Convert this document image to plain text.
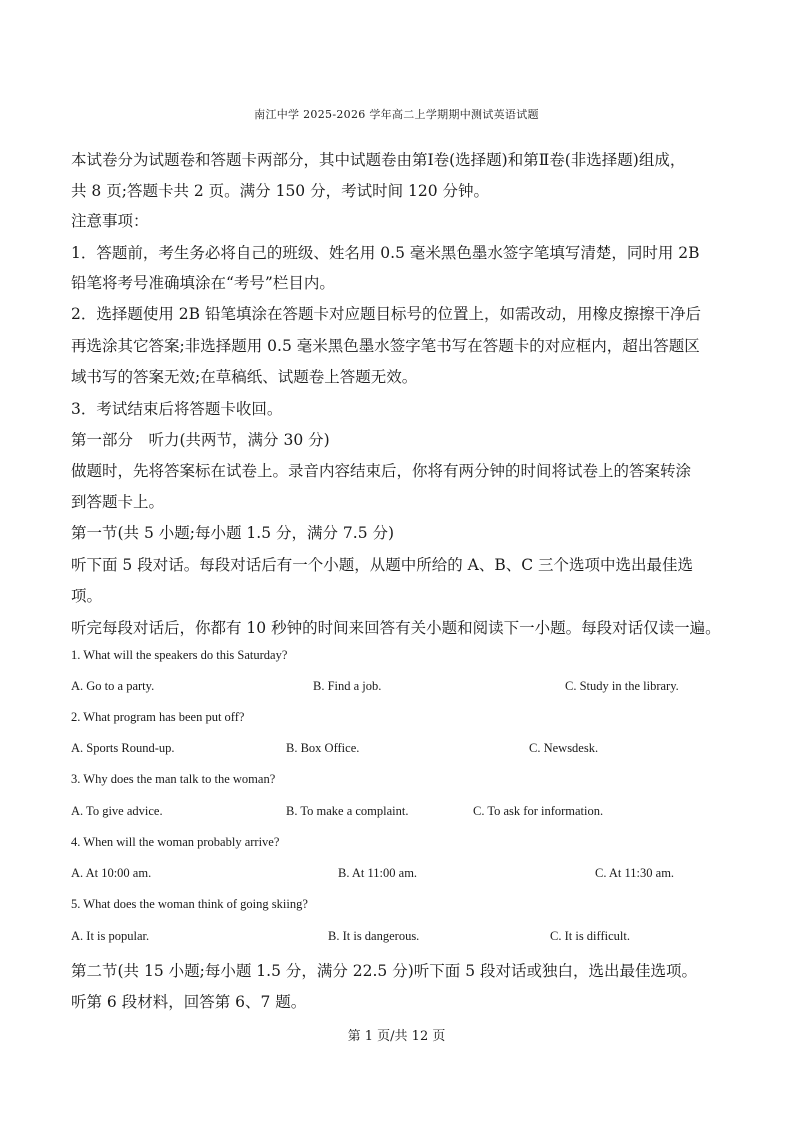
南江中学 2025-2026 学年高二上学期期中测试英语试题
本试卷分为试题卷和答题卡两部分，其中试题卷由第Ⅰ卷(选择题)和第Ⅱ卷(非选择题)组成，
共 8 页;答题卡共 2 页。满分 150 分，考试时间 120 分钟。
注意事项：
1．答题前，考生务必将自己的班级、姓名用 0.5 毫米黑色墨水签字笔填写清楚，同时用 2B
铅笔将考号准确填涂在“考号”栏目内。
2．选择题使用 2B 铅笔填涂在答题卡对应题目标号的位置上，如需改动，用橡皮擦擦干净后
再选涂其它答案;非选择题用 0.5 毫米黑色墨水签字笔书写在答题卡的对应框内，超出答题区
域书写的答案无效;在草稿纸、试题卷上答题无效。
3．考试结束后将答题卡收回。
第一部分　听力(共两节，满分 30 分)
做题时，先将答案标在试卷上。录音内容结束后，你将有两分钟的时间将试卷上的答案转涂
到答题卡上。
第一节(共 5 小题;每小题 1.5 分，满分 7.5 分)
听下面 5 段对话。每段对话后有一个小题，从题中所给的 A、B、C 三个选项中选出最佳选
项。
听完每段对话后，你都有 10 秒钟的时间来回答有关小题和阅读下一小题。每段对话仅读一遍。
1. What will the speakers do this Saturday?
A. Go to a party.	B. Find a job.	C. Study in the library.
2. What program has been put off?
A. Sports Round-up.	B. Box Office.	C. Newsdesk.
3. Why does the man talk to the woman?
A. To give advice.	B. To make a complaint.	C. To ask for information.
4. When will the woman probably arrive?
A. At 10:00 am.	B. At 11:00 am.	C. At 11:30 am.
5. What does the woman think of going skiing?
A. It is popular.	B. It is dangerous.	C. It is difficult.
第二节(共 15 小题;每小题 1.5 分，满分 22.5 分)听下面 5 段对话或独白，选出最佳选项。
听第 6 段材料，回答第 6、7 题。
第 1 页/共 12 页
